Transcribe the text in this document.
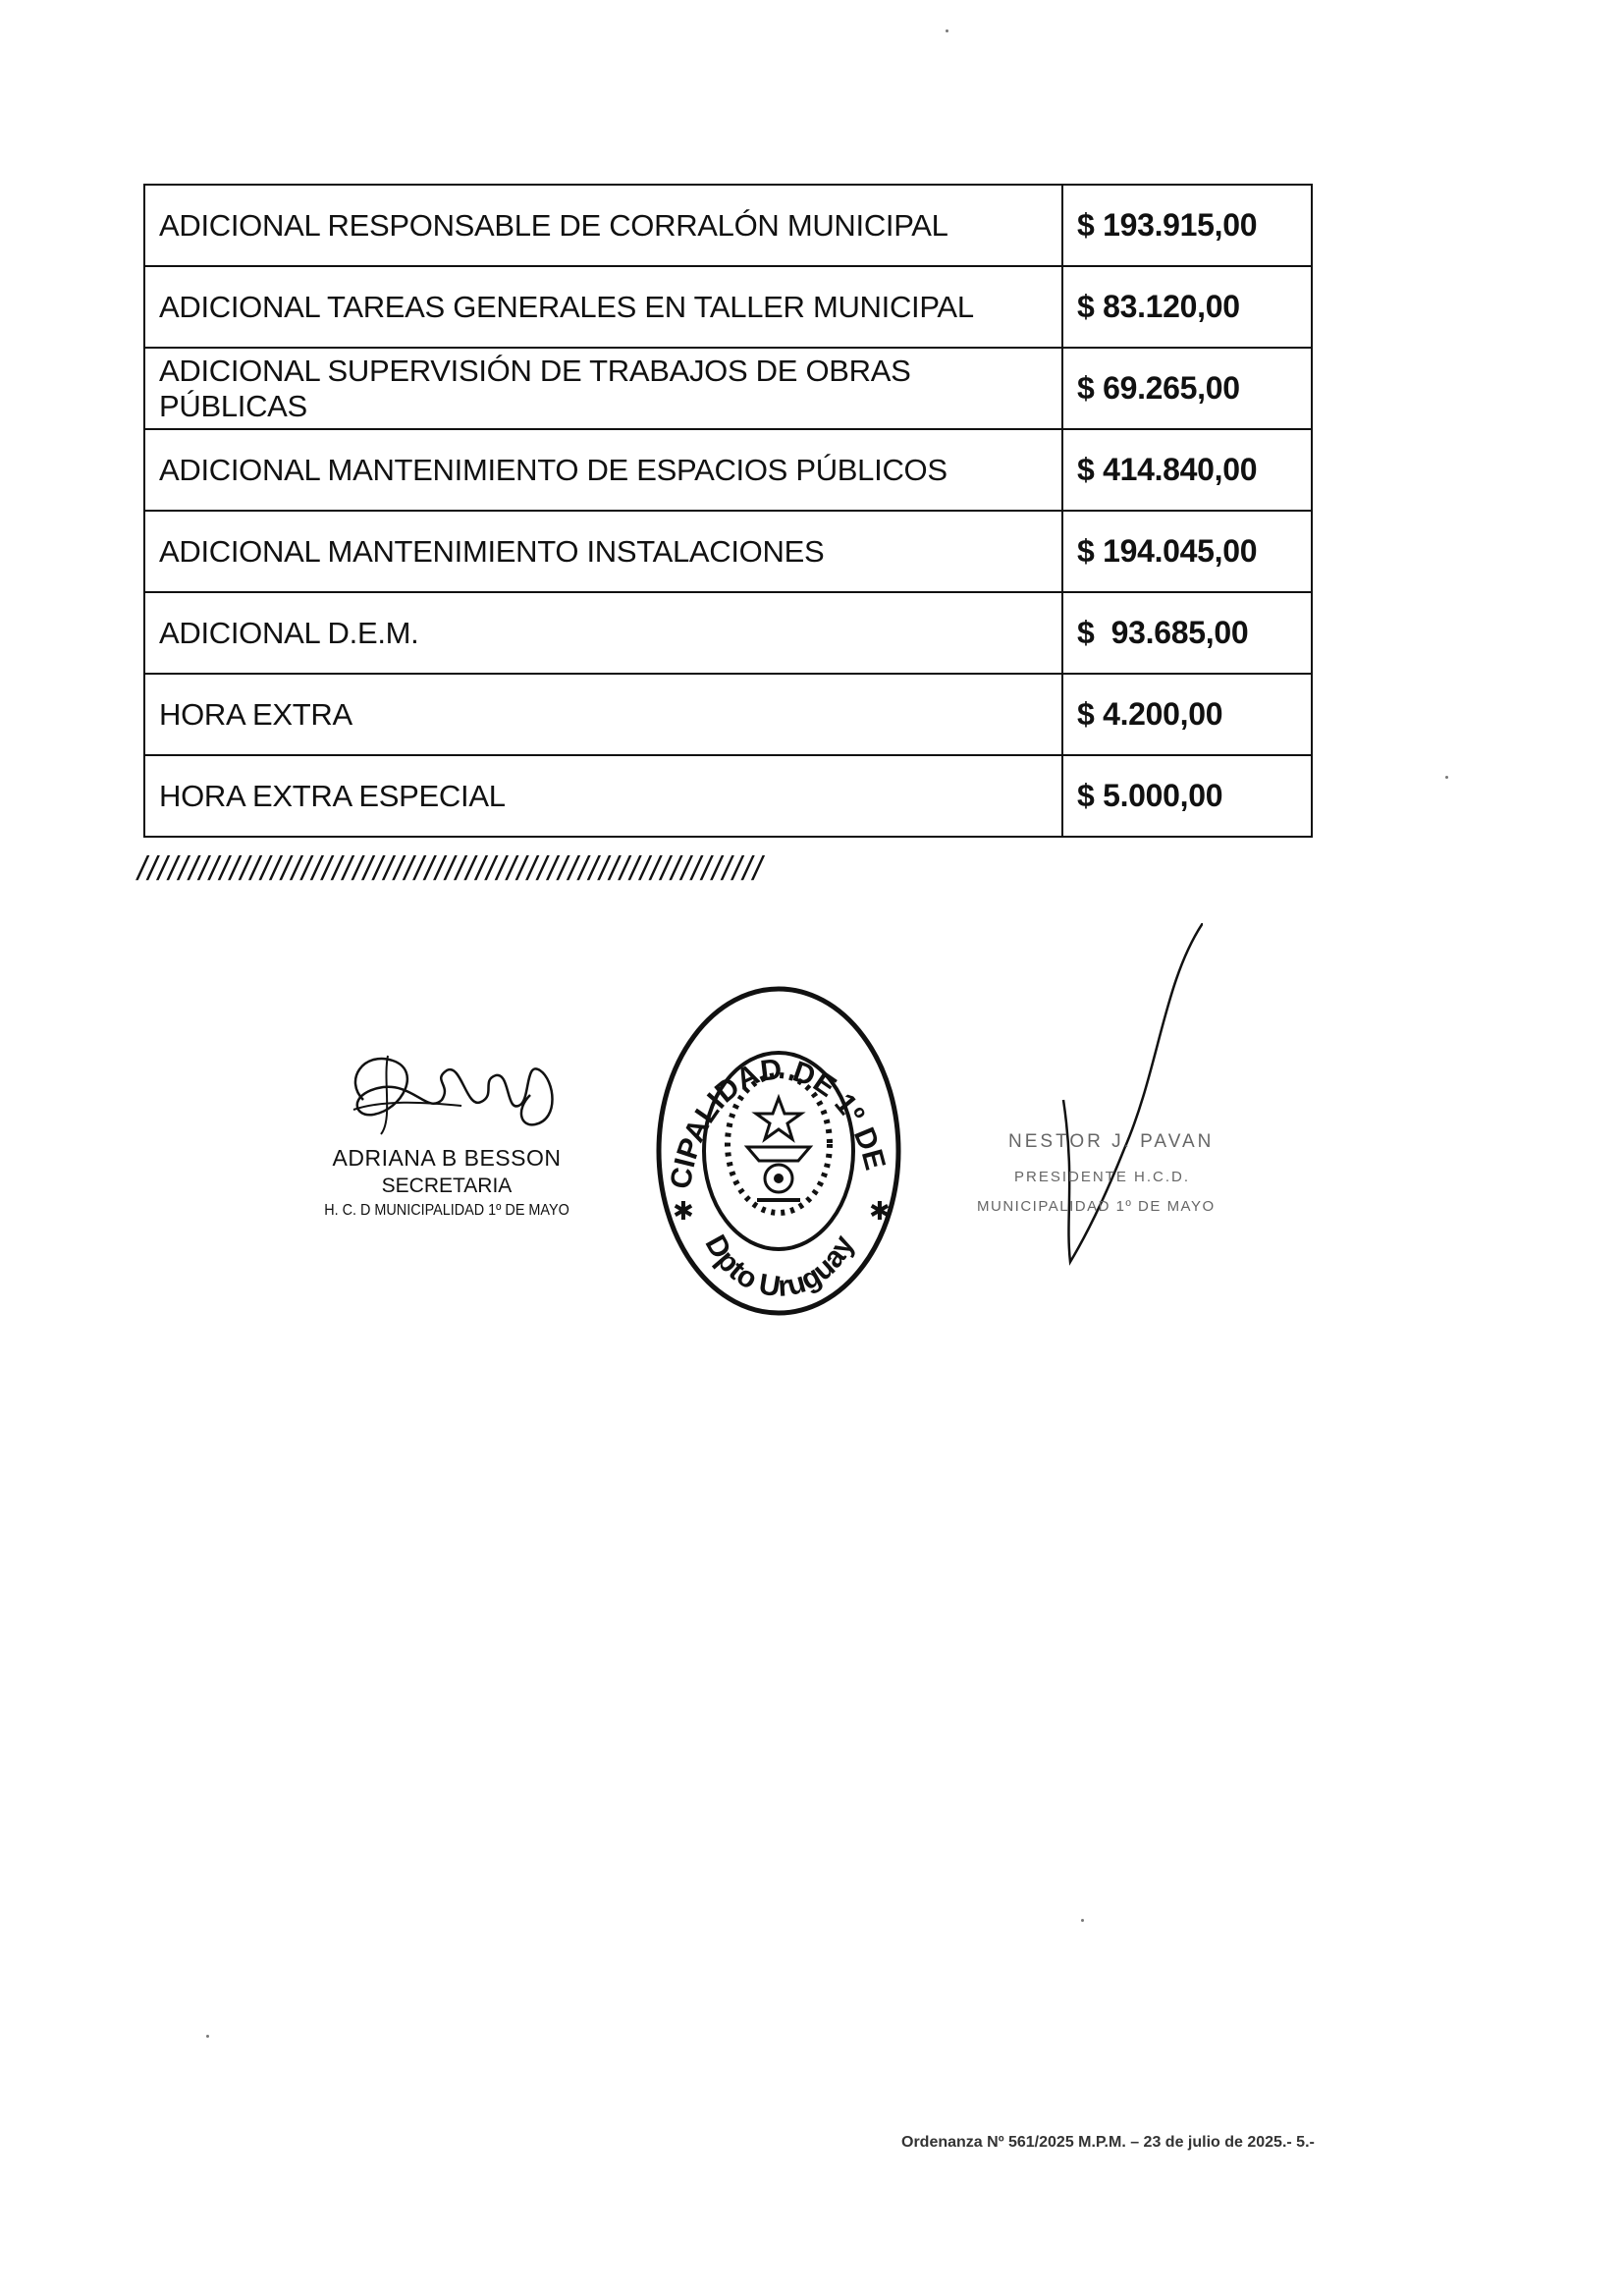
ADICIONAL RESPONSABLE DE CORRALÓN MUNICIPAL	$ 193.915,00
ADICIONAL TAREAS GENERALES EN TALLER MUNICIPAL	$ 83.120,00
ADICIONAL SUPERVISIÓN DE TRABAJOS DE OBRAS PÚBLICAS	$ 69.265,00
ADICIONAL MANTENIMIENTO DE ESPACIOS PÚBLICOS	$ 414.840,00
ADICIONAL MANTENIMIENTO INSTALACIONES	$ 194.045,00
ADICIONAL D.E.M.	$  93.685,00
HORA EXTRA	$ 4.200,00
HORA EXTRA ESPECIAL	$ 5.000,00
/////////////////////////////////////////////////////////////
ADRIANA B BESSON
SECRETARIA
H. C. D MUNICIPALIDAD 1º DE MAYO
CIPALIDAD DE 1º DE
Dpto Uruguay
✱	✱
NESTOR J. PAVAN
PRESIDENTE H.C.D.
MUNICIPALIDAD 1º DE MAYO
Ordenanza Nº 561/2025 M.P.M. – 23 de julio de 2025.- 5.-
